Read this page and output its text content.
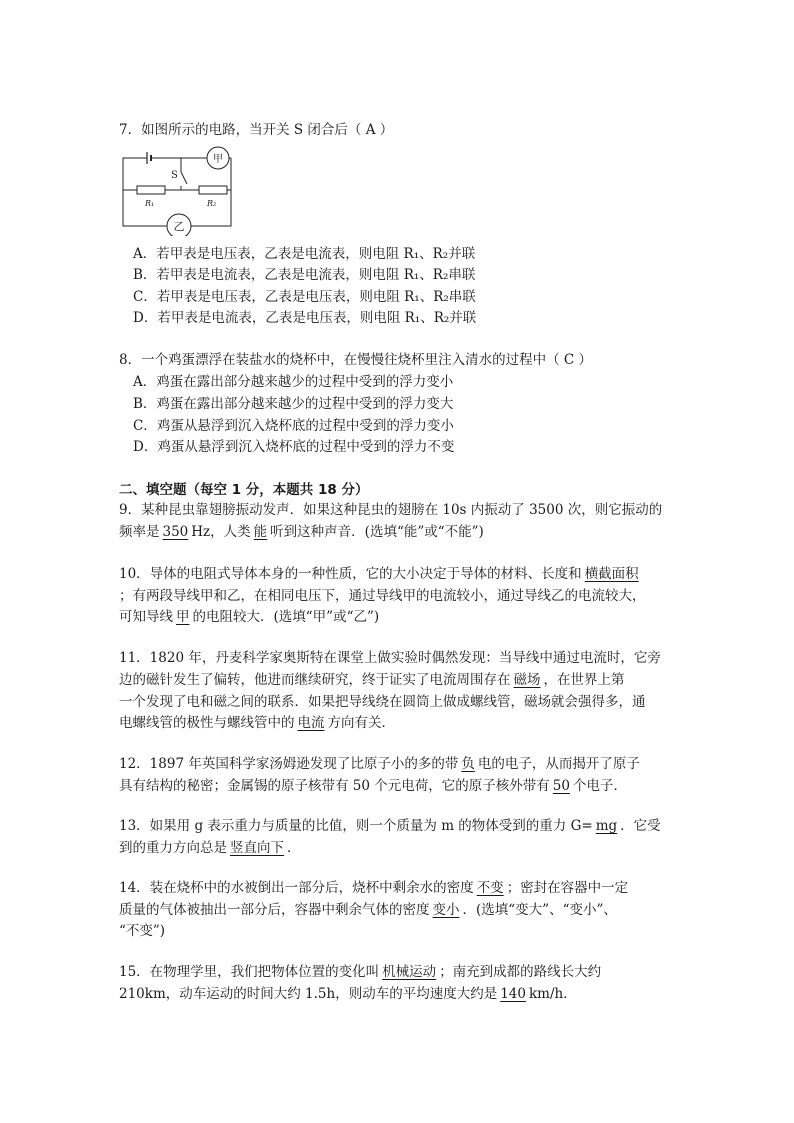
7．如图所示的电路，当开关 S 闭合后（ A ）
甲
乙
S
R₁	R₂
A．若甲表是电压表，乙表是电流表，则电阻 R₁、R₂并联
B．若甲表是电流表，乙表是电流表，则电阻 R₁、R₂串联
C．若甲表是电压表，乙表是电压表，则电阻 R₁、R₂串联
D．若甲表是电流表，乙表是电压表，则电阻 R₁、R₂并联
8．一个鸡蛋漂浮在装盐水的烧杯中，在慢慢往烧杯里注入清水的过程中（ C ）
A．鸡蛋在露出部分越来越少的过程中受到的浮力变小
B．鸡蛋在露出部分越来越少的过程中受到的浮力变大
C．鸡蛋从悬浮到沉入烧杯底的过程中受到的浮力变小
D．鸡蛋从悬浮到沉入烧杯底的过程中受到的浮力不变
二、填空题（每空 1 分，本题共 18 分）
9．某种昆虫靠翅膀振动发声．如果这种昆虫的翅膀在 10s 内振动了 3500 次，则它振动的
频率是350Hz，人类能听到这种声音．(选填“能”或“不能”)
10．导体的电阻式导体本身的一种性质，它的大小决定于导体的材料、长度和横截面积
；有两段导线甲和乙，在相同电压下，通过导线甲的电流较小，通过导线乙的电流较大，
可知导线甲的电阻较大．(选填“甲”或“乙”)
11．1820 年，丹麦科学家奥斯特在课堂上做实验时偶然发现：当导线中通过电流时，它旁
边的磁针发生了偏转，他进而继续研究，终于证实了电流周围存在磁场，在世界上第
一个发现了电和磁之间的联系．如果把导线绕在圆筒上做成螺线管，磁场就会强得多，通
电螺线管的极性与螺线管中的电流方向有关．
12．1897 年英国科学家汤姆逊发现了比原子小的多的带负电的电子，从而揭开了原子
具有结构的秘密；金属锡的原子核带有 50 个元电荷，它的原子核外带有50个电子．
13．如果用 g 表示重力与质量的比值，则一个质量为 m 的物体受到的重力 G=mg．它受
到的重力方向总是竖直向下．
14．装在烧杯中的水被倒出一部分后，烧杯中剩余水的密度不变；密封在容器中一定
质量的气体被抽出一部分后，容器中剩余气体的密度变小．(选填“变大”、“变小”、
“不变”)
15．在物理学里，我们把物体位置的变化叫机械运动；南充到成都的路线长大约
210km，动车运动的时间大约 1.5h，则动车的平均速度大约是140km/h．
